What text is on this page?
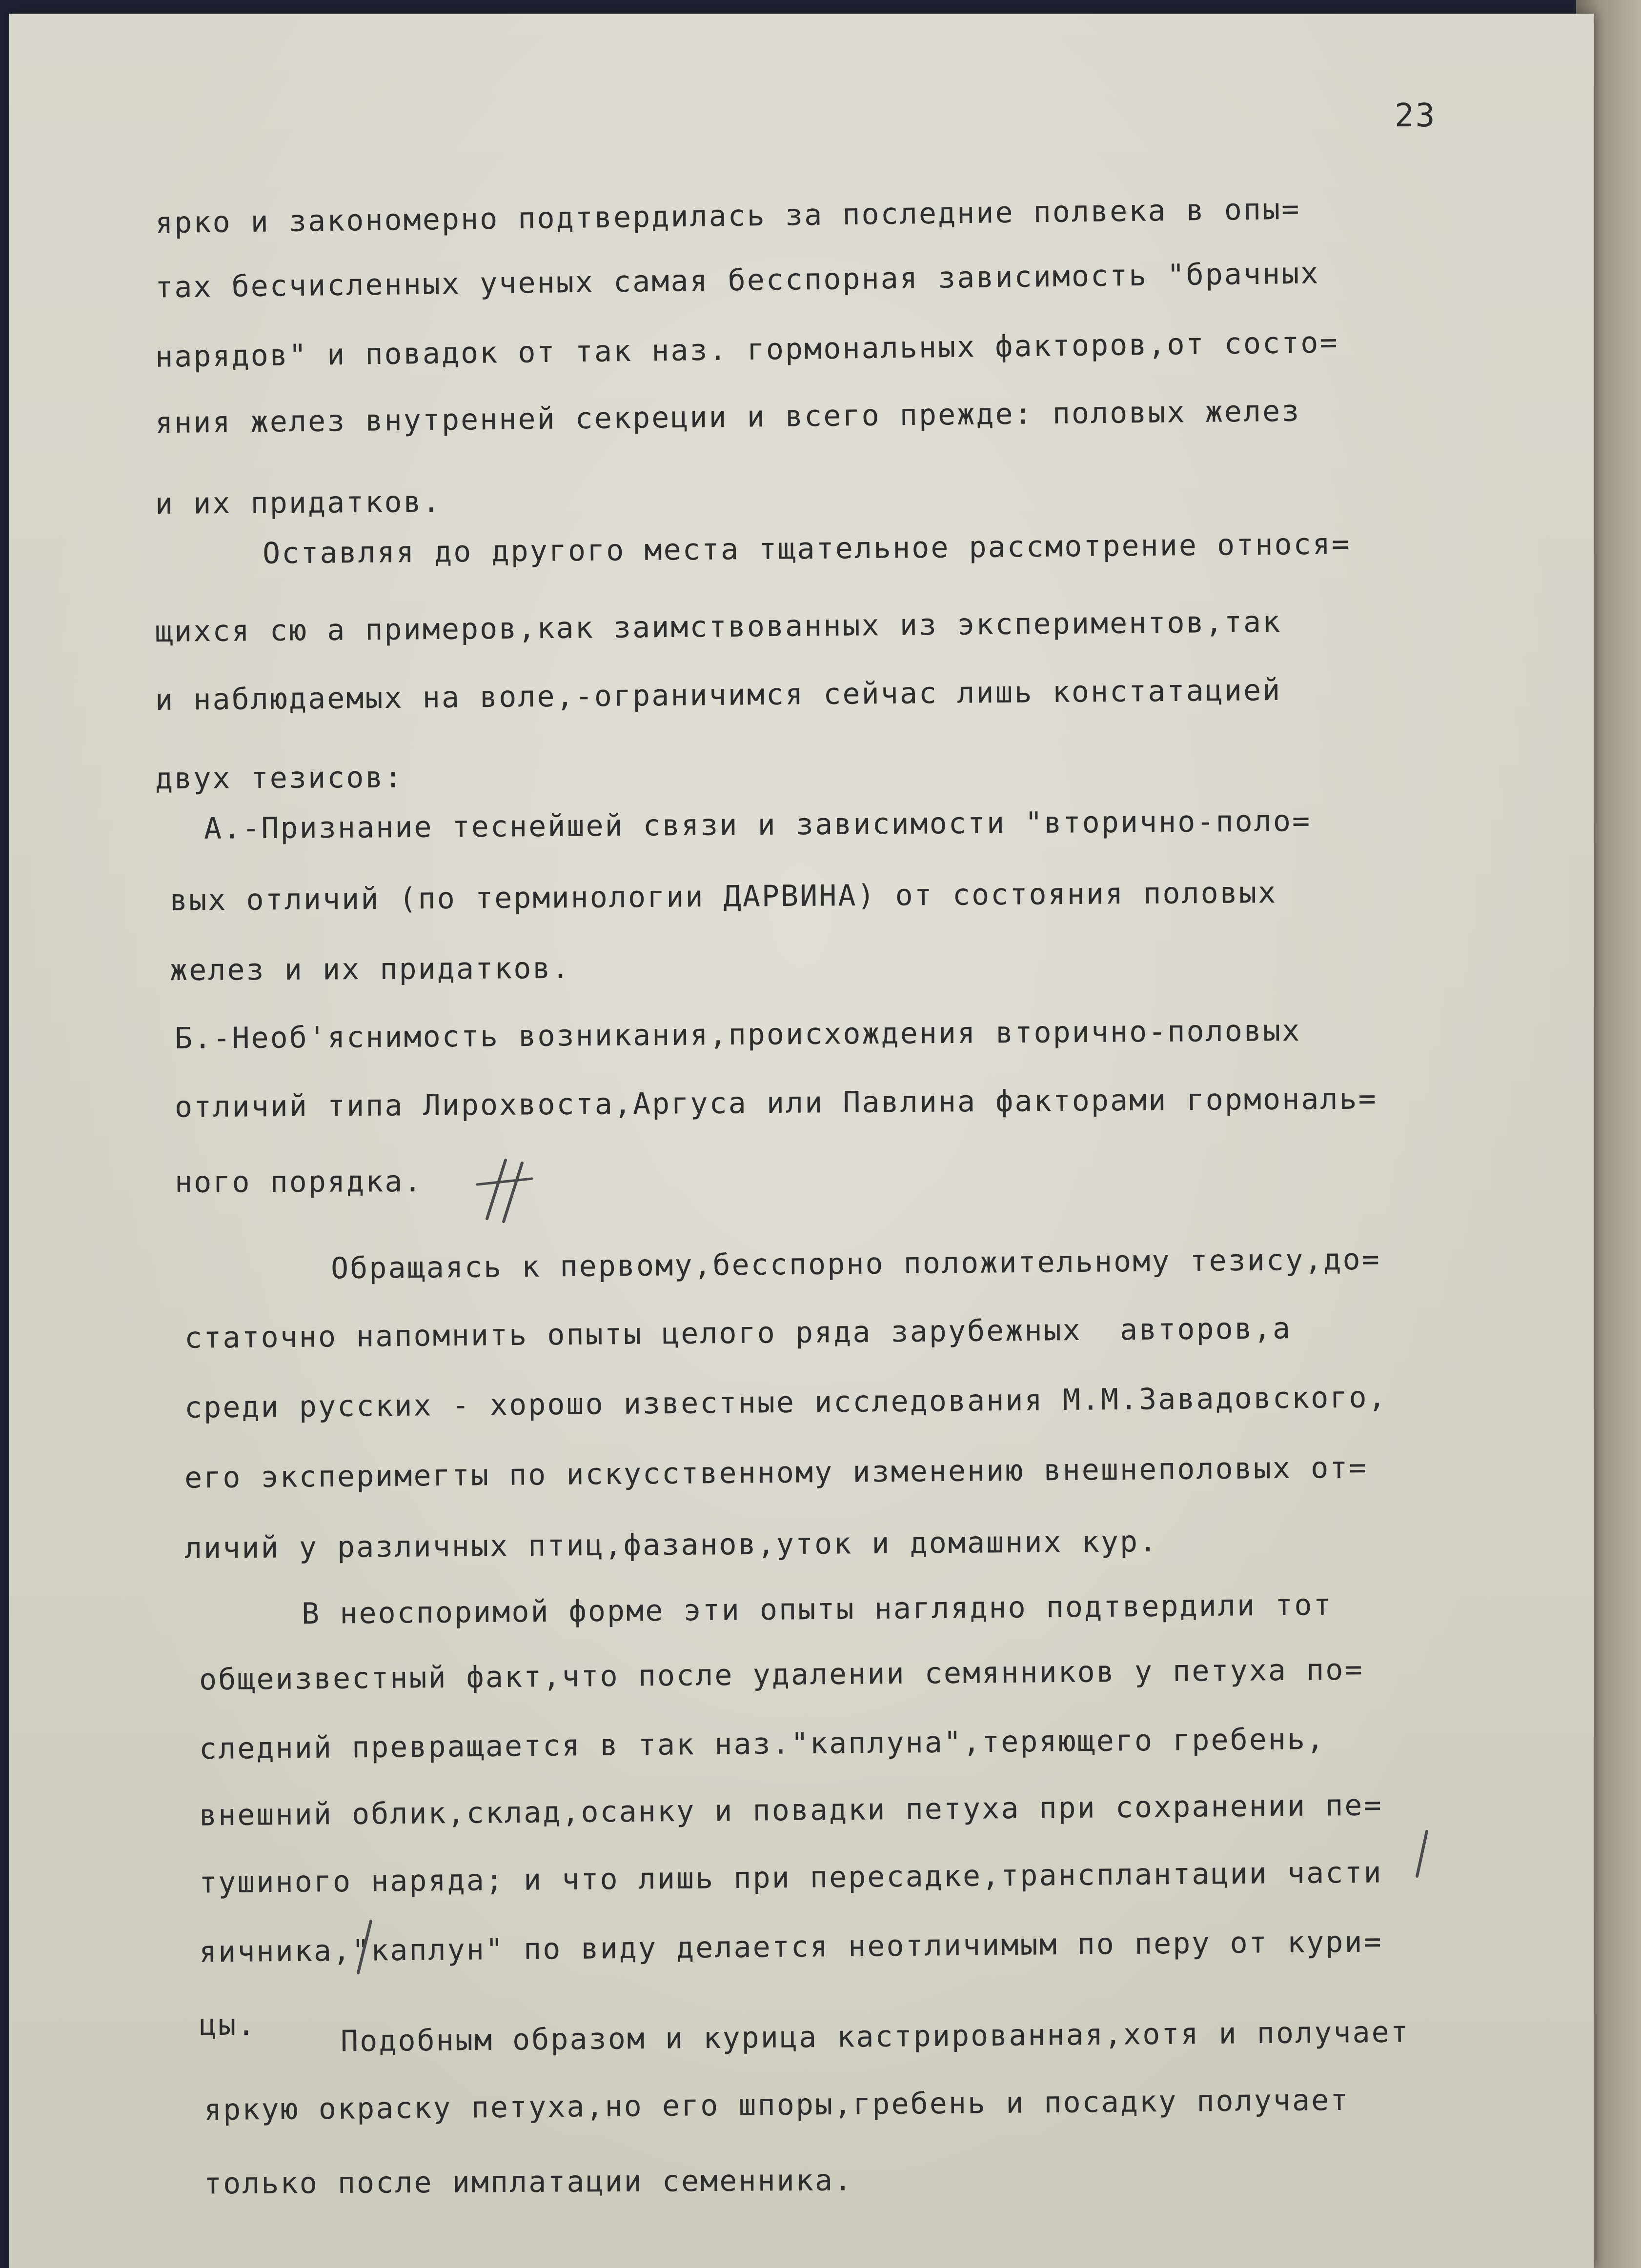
23

ярко и закономерно подтвердилась за последние полвека в опы=

тах бесчисленных ученых самая бесспорная зависимость "брачных

нарядов" и повадок от так наз. гормональных факторов,от состо=

яния желез внутренней секреции и всего прежде: половых желез

и их придатков.

Оставляя до другого места тщательное рассмотрение относя=

щихся сю а примеров,как заимствованных из экспериментов,так

и наблюдаемых на воле,-ограничимся сейчас лишь констатацией

двух тезисов:

А.-Признание теснейшей связи и зависимости "вторично-поло=

вых отличий (по терминологии ДАРВИНА) от состояния половых

желез и их придатков.

Б.-Необ'яснимость возникания,происхождения вторично-половых

отличий типа Лирохвоста,Аргуса или Павлина факторами гормональ=

ного порядка.

Обращаясь к первому,бесспорно положительному тезису,до=

статочно напомнить опыты целого ряда зарубежных  авторов,а

среди русских - хорошо известные исследования М.М.Завадовского,

его эксперимегты по искусственному изменению внешнеполовых от=

личий у различных птиц,фазанов,уток и домашних кур.

В неоспоримой форме эти опыты наглядно подтвердили тот

общеизвестный факт,что после удалении семянников у петуха по=

следний превращается в так наз."каплуна",теряющего гребень,

внешний облик,склад,осанку и повадки петуха при сохранении пе=

тушиного наряда; и что лишь при пересадке,трансплантации части

яичника,"каплун" по виду делается неотличимым по перу от кури=

цы.

	Подобным образом и курица кастрированная,хотя и получает

яркую окраску петуха,но его шпоры,гребень и посадку получает

только после имплатации семенника.
